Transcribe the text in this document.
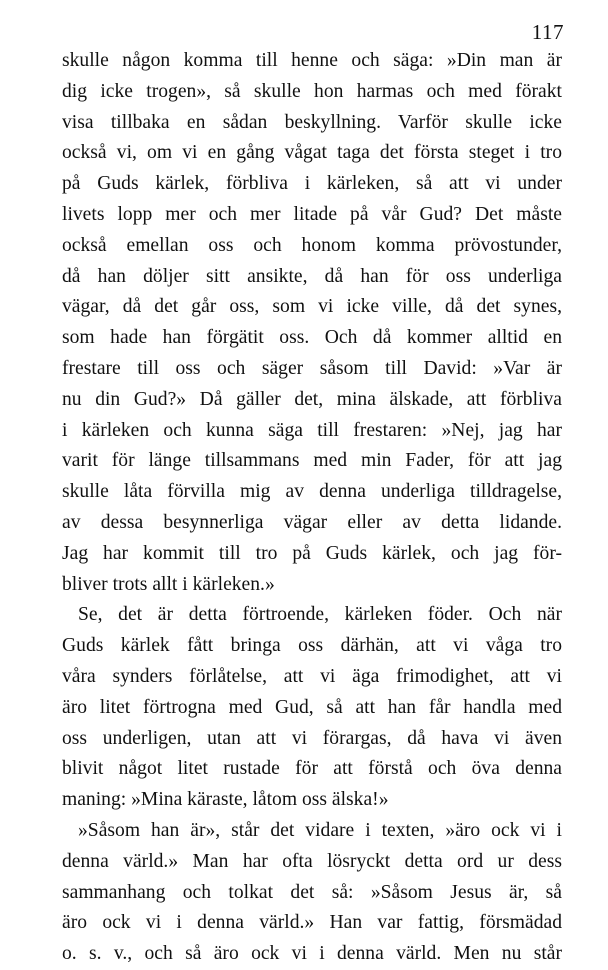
117
skulle någon komma till henne och säga: »Din man är
dig icke trogen», så skulle hon harmas och med förakt
visa tillbaka en sådan beskyllning. Varför skulle icke
också vi, om vi en gång vågat taga det första steget i tro
på Guds kärlek, förbliva i kärleken, så att vi under
livets lopp mer och mer litade på vår Gud? Det måste
också emellan oss och honom komma prövostunder,
då han döljer sitt ansikte, då han för oss underliga
vägar, då det går oss, som vi icke ville, då det synes,
som hade han förgätit oss. Och då kommer alltid en
frestare till oss och säger såsom till David: »Var är
nu din Gud?» Då gäller det, mina älskade, att förbliva
i kärleken och kunna säga till frestaren: »Nej, jag har
varit för länge tillsammans med min Fader, för att jag
skulle låta förvilla mig av denna underliga tilldragelse,
av dessa besynnerliga vägar eller av detta lidande.
Jag har kommit till tro på Guds kärlek, och jag för-
bliver trots allt i kärleken.»
Se, det är detta förtroende, kärleken föder. Och när
Guds kärlek fått bringa oss därhän, att vi våga tro
våra synders förlåtelse, att vi äga frimodighet, att vi
äro litet förtrogna med Gud, så att han får handla med
oss underligen, utan att vi förargas, då hava vi även
blivit något litet rustade för att förstå och öva denna
maning: »Mina käraste, låtom oss älska!»
»Såsom han är», står det vidare i texten, »äro ock vi i
denna värld.» Man har ofta lösryckt detta ord ur dess
sammanhang och tolkat det så: »Såsom Jesus är, så
äro ock vi i denna värld.» Han var fattig, försmädad
o. s. v., och så äro ock vi i denna värld. Men nu står
